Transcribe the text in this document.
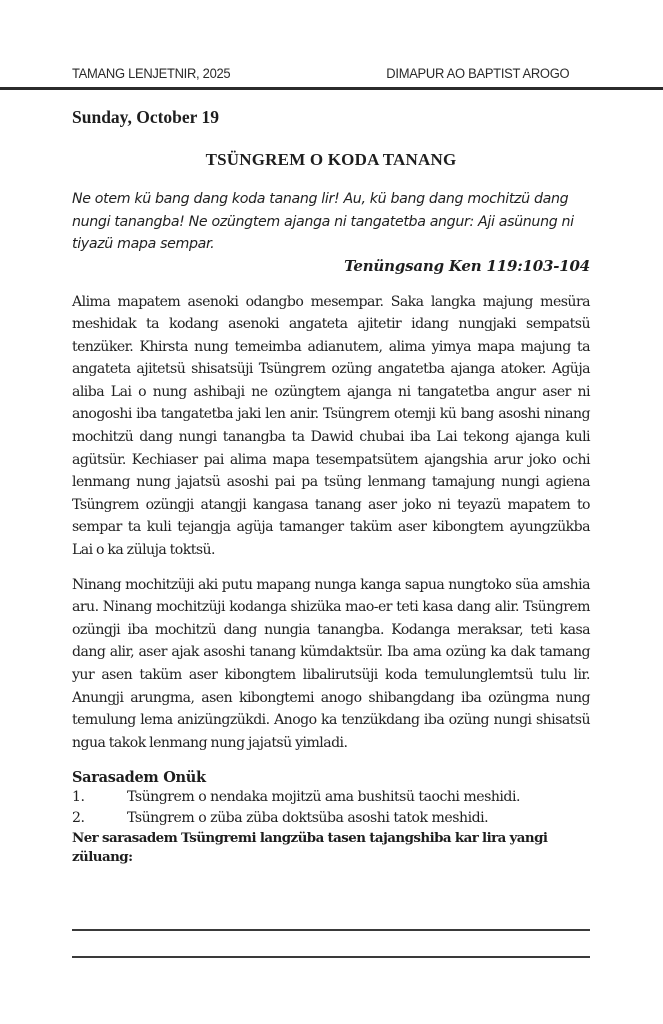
TAMANG LENJETNIR, 2025	DIMAPUR AO BAPTIST AROGO
Sunday, October 19
TSÜNGREM O KODA TANANG

Ne otem kü bang dang koda tanang lir! Au, kü bang dang mochitzü dang nungi tanangba! Ne ozüngtem ajanga ni tangatetba angur: Aji asünung ni tiyazü mapa sempar.

Tenüngsang Ken 119:103-104

Alima mapatem asenoki odangbo mesempar. Saka langka majung mesüra meshidak ta kodang asenoki angateta ajitetir idang nungjaki sempatsü tenzüker. Khirsta nung temeimba adianutem, alima yimya mapa majung ta angateta ajitetsü shisatsüji Tsüngrem ozüng angatetba ajanga atoker. Agüja aliba Lai o nung ashibaji ne ozüngtem ajanga ni tangatetba angur aser ni anogoshi iba tangatetba jaki len anir. Tsüngrem otemji kü bang asoshi ninang mochitzü dang nungi tanangba ta Dawid chubai iba Lai tekong ajanga kuli agütsür. Kechiaser pai alima mapa tesempatsütem ajangshia arur joko ochi lenmang nung jajatsü asoshi pai pa tsüng lenmang tamajung nungi agiena Tsüngrem ozüngji atangji kangasa tanang aser joko ni teyazü mapatem to sempar ta kuli tejangja agüja tamanger taküm aser kibongtem ayungzükba Lai o ka züluja toktsü.

Ninang mochitzüji aki putu mapang nunga kanga sapua nungtoko süa amshia aru. Ninang mochitzüji kodanga shizüka mao-er teti kasa dang alir. Tsüngrem ozüngji iba mochitzü dang nungia tanangba. Kodanga meraksar, teti kasa dang alir, aser ajak asoshi tanang kümdaktsür. Iba ama ozüng ka dak tamang yur asen taküm aser kibongtem libalirutsüji koda temulunglemtsü tulu lir. Anungji arungma, asen kibongtemi anogo shibangdang iba ozüngma nung temulung lema anizüngzükdi. Anogo ka tenzükdang iba ozüng nungi shisatsü ngua takok lenmang nung jajatsü yimladi.

Sarasadem Onük
1.	Tsüngrem o nendaka mojitzü ama bushitsü taochi meshidi.
2.	Tsüngrem o züba züba doktsüba asoshi tatok meshidi.

Ner sarasadem Tsüngremi langzüba tasen tajangshiba kar lira yangi züluang:
